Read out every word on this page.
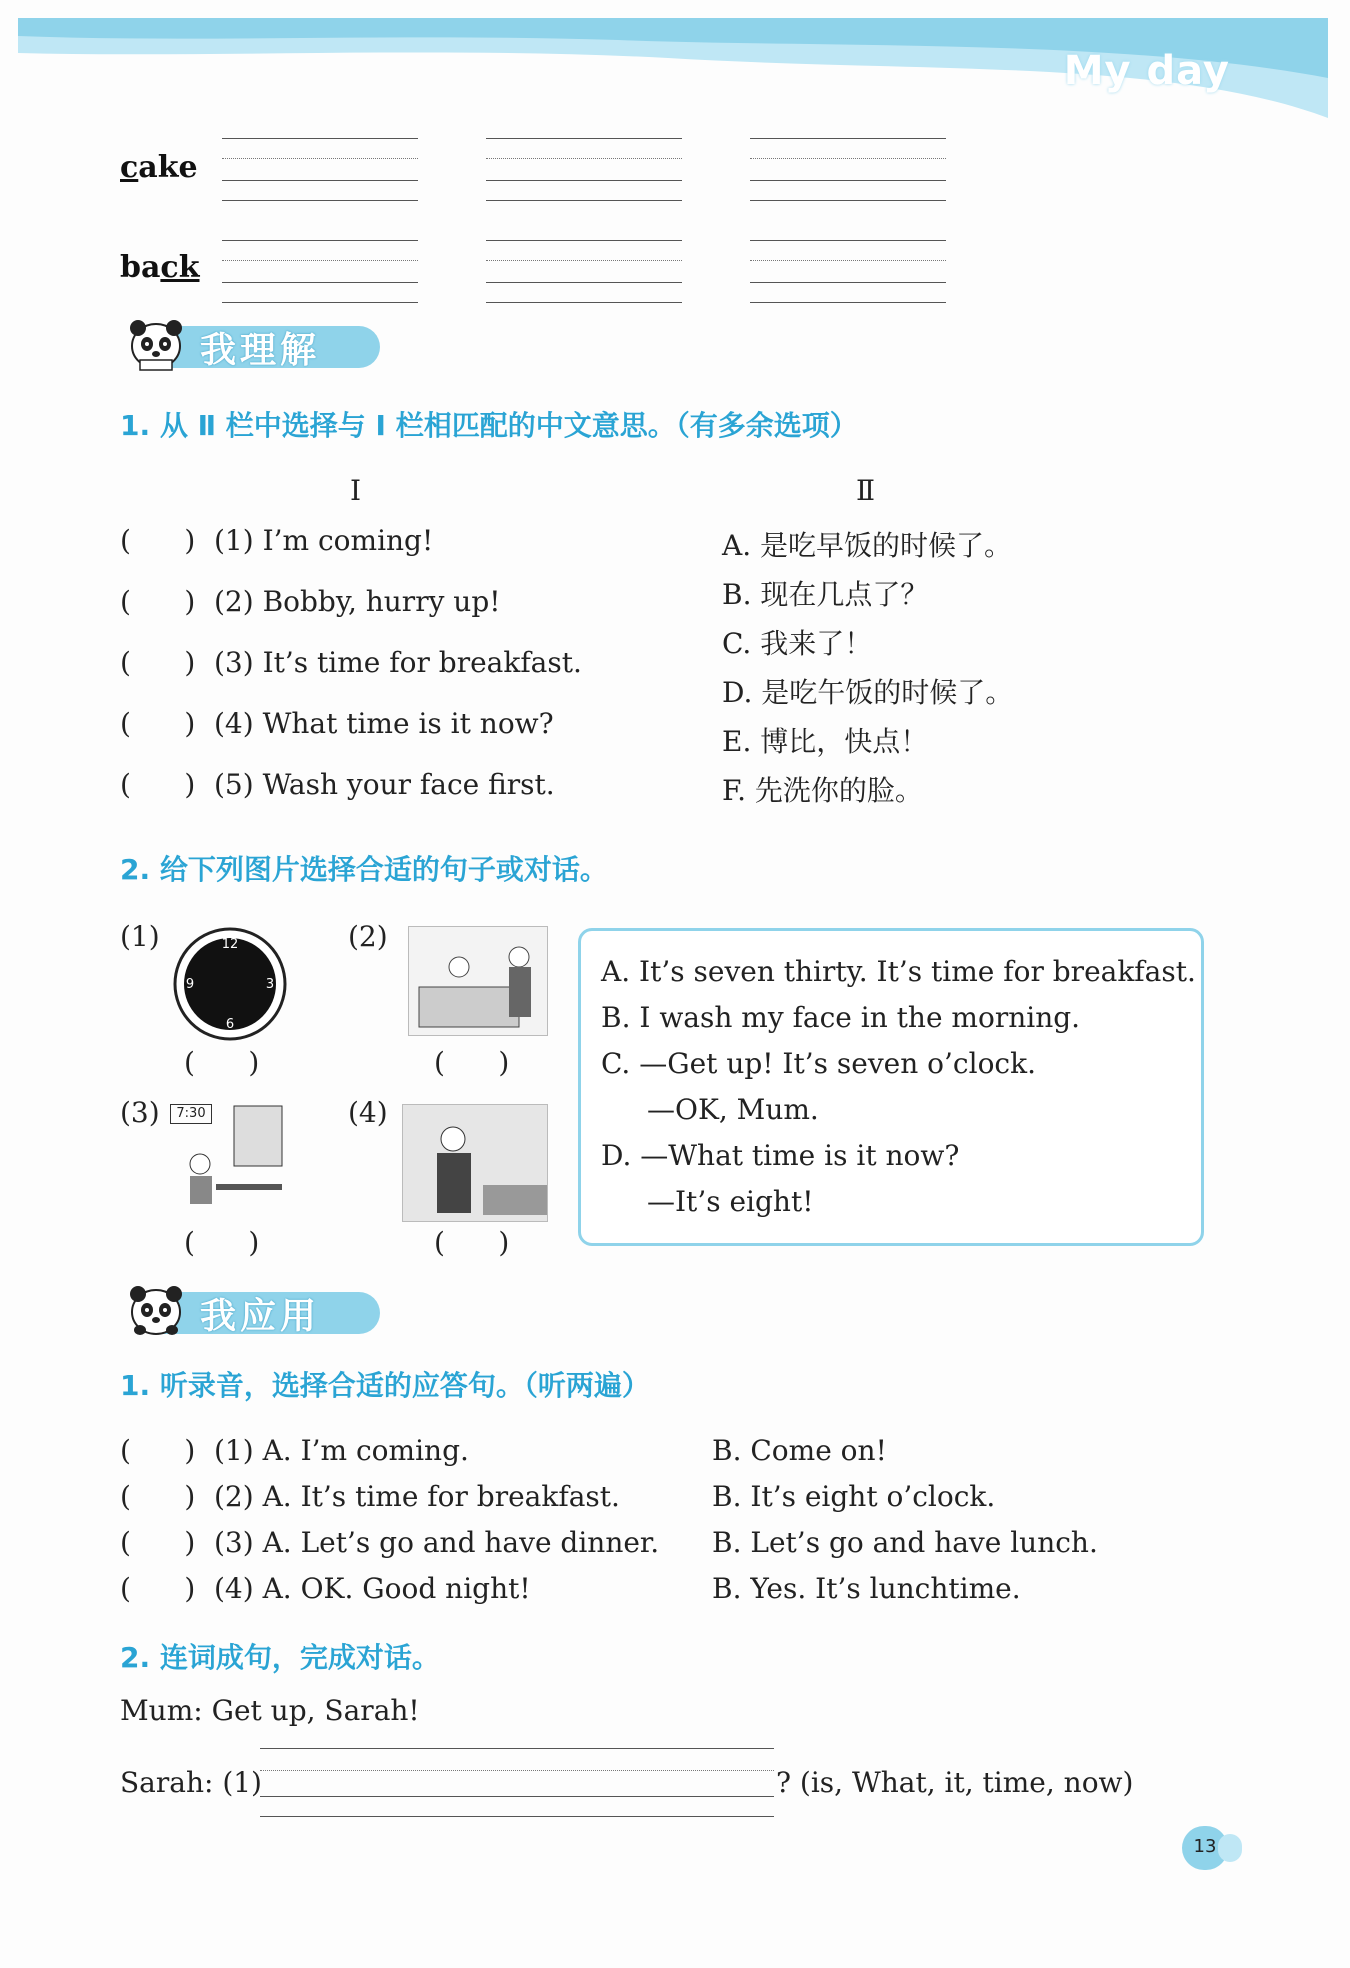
My day
cake
back
我理解
1. 从 Ⅱ 栏中选择与 Ⅰ 栏相匹配的中文意思。（有多余选项）
Ⅰ	Ⅱ
(      ) (1) I’m coming!
(      ) (2) Bobby, hurry up!
(      ) (3) It’s time for breakfast.
(      ) (4) What time is it now?
(      ) (5) Wash your face first.
A. 是吃早饭的时候了。
B. 现在几点了？
C. 我来了！
D. 是吃午饭的时候了。
E. 博比，快点！
F. 先洗你的脸。
2. 给下列图片选择合适的句子或对话。
(1)	12
3
6
9
(      )
(2)
(      )
(3)	7:30
(      )
(4)
(      )
A. It’s seven thirty. It’s time for breakfast.
B. I wash my face in the morning.
C. —Get up! It’s seven o’clock.
—OK, Mum.
D. —What time is it now?
—It’s eight!
我应用
1. 听录音，选择合适的应答句。（听两遍）
(      ) (1) A. I’m coming.	B. Come on!
(      ) (2) A. It’s time for breakfast.	B. It’s eight o’clock.
(      ) (3) A. Let’s go and have dinner. B. Let’s go and have lunch.
(      ) (4) A. OK. Good night!	B. Yes. It’s lunchtime.
2. 连词成句，完成对话。
Mum: Get up, Sarah!
Sarah: (1)	? (is, What, it, time, now)
13
